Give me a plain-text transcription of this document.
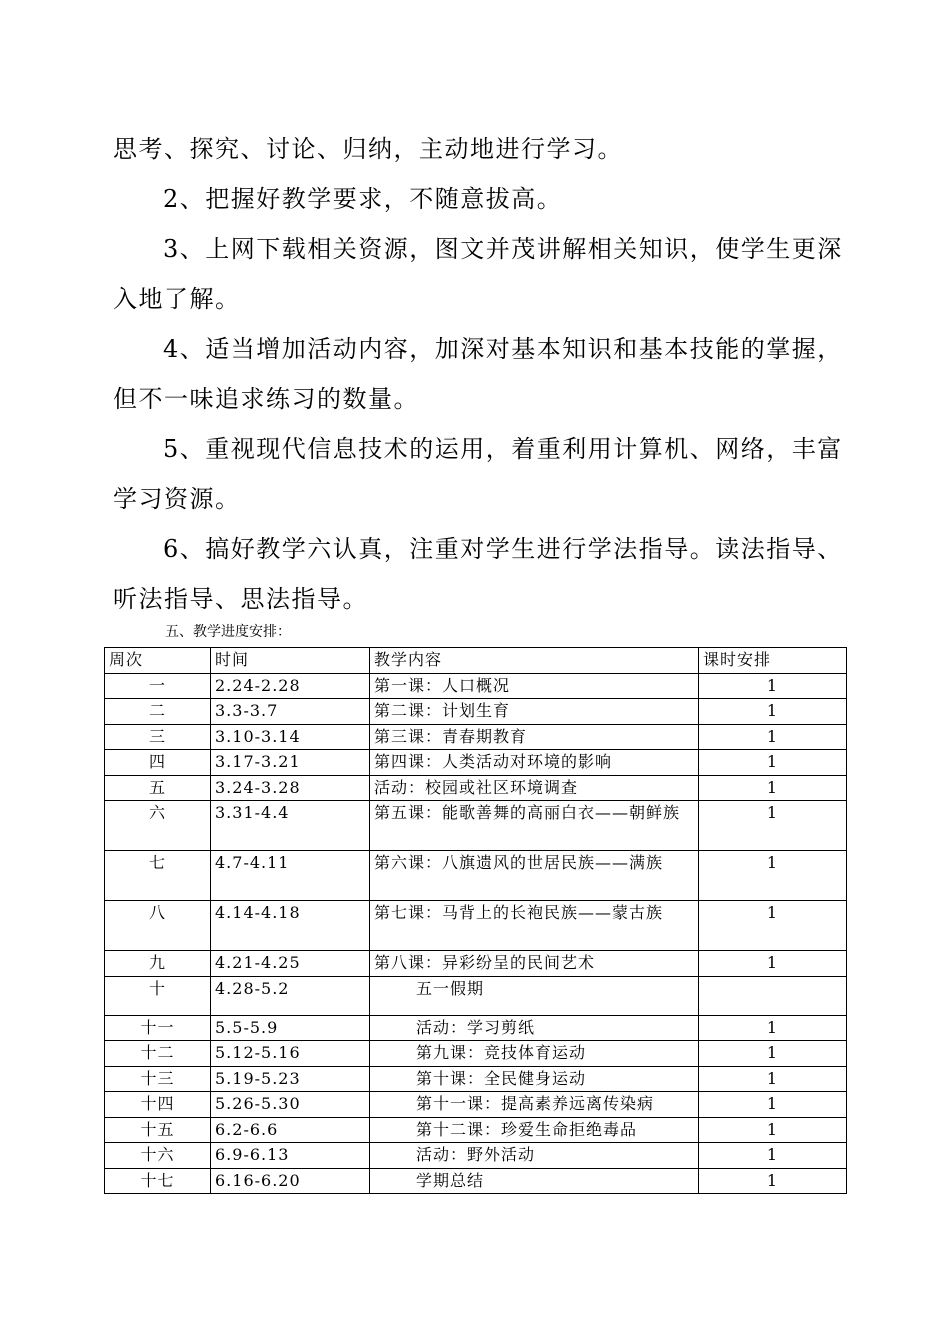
思考、探究、讨论、归纳，主动地进行学习。

2、把握好教学要求，不随意拔高。

3、上网下载相关资源，图文并茂讲解相关知识，使学生更深入地了解。

4、适当增加活动内容，加深对基本知识和基本技能的掌握，但不一味追求练习的数量。

5、重视现代信息技术的运用，着重利用计算机、网络，丰富学习资源。

6、搞好教学六认真，注重对学生进行学法指导。读法指导、听法指导、思法指导。

五、教学进度安排：

周次	时间	教学内容	课时安排
一	2.24-2.28	第一课：人口概况	1
二	3.3-3.7	第二课：计划生育	1
三	3.10-3.14	第三课：青春期教育	1
四	3.17-3.21	第四课：人类活动对环境的影响	1
五	3.24-3.28	活动：校园或社区环境调查	1
六	3.31-4.4	第五课：能歌善舞的高丽白衣——朝鲜族	1
七	4.7-4.11	第六课：八旗遗风的世居民族——满族	1
八	4.14-4.18	第七课：马背上的长袍民族——蒙古族	1
九	4.21-4.25	第八课：异彩纷呈的民间艺术	1
十	4.28-5.2	五一假期	
十一	5.5-5.9	活动：学习剪纸	1
十二	5.12-5.16	第九课：竞技体育运动	1
十三	5.19-5.23	第十课：全民健身运动	1
十四	5.26-5.30	第十一课：提高素养远离传染病	1
十五	6.2-6.6	第十二课：珍爱生命拒绝毒品	1
十六	6.9-6.13	活动：野外活动	1
十七	6.16-6.20	学期总结	1
